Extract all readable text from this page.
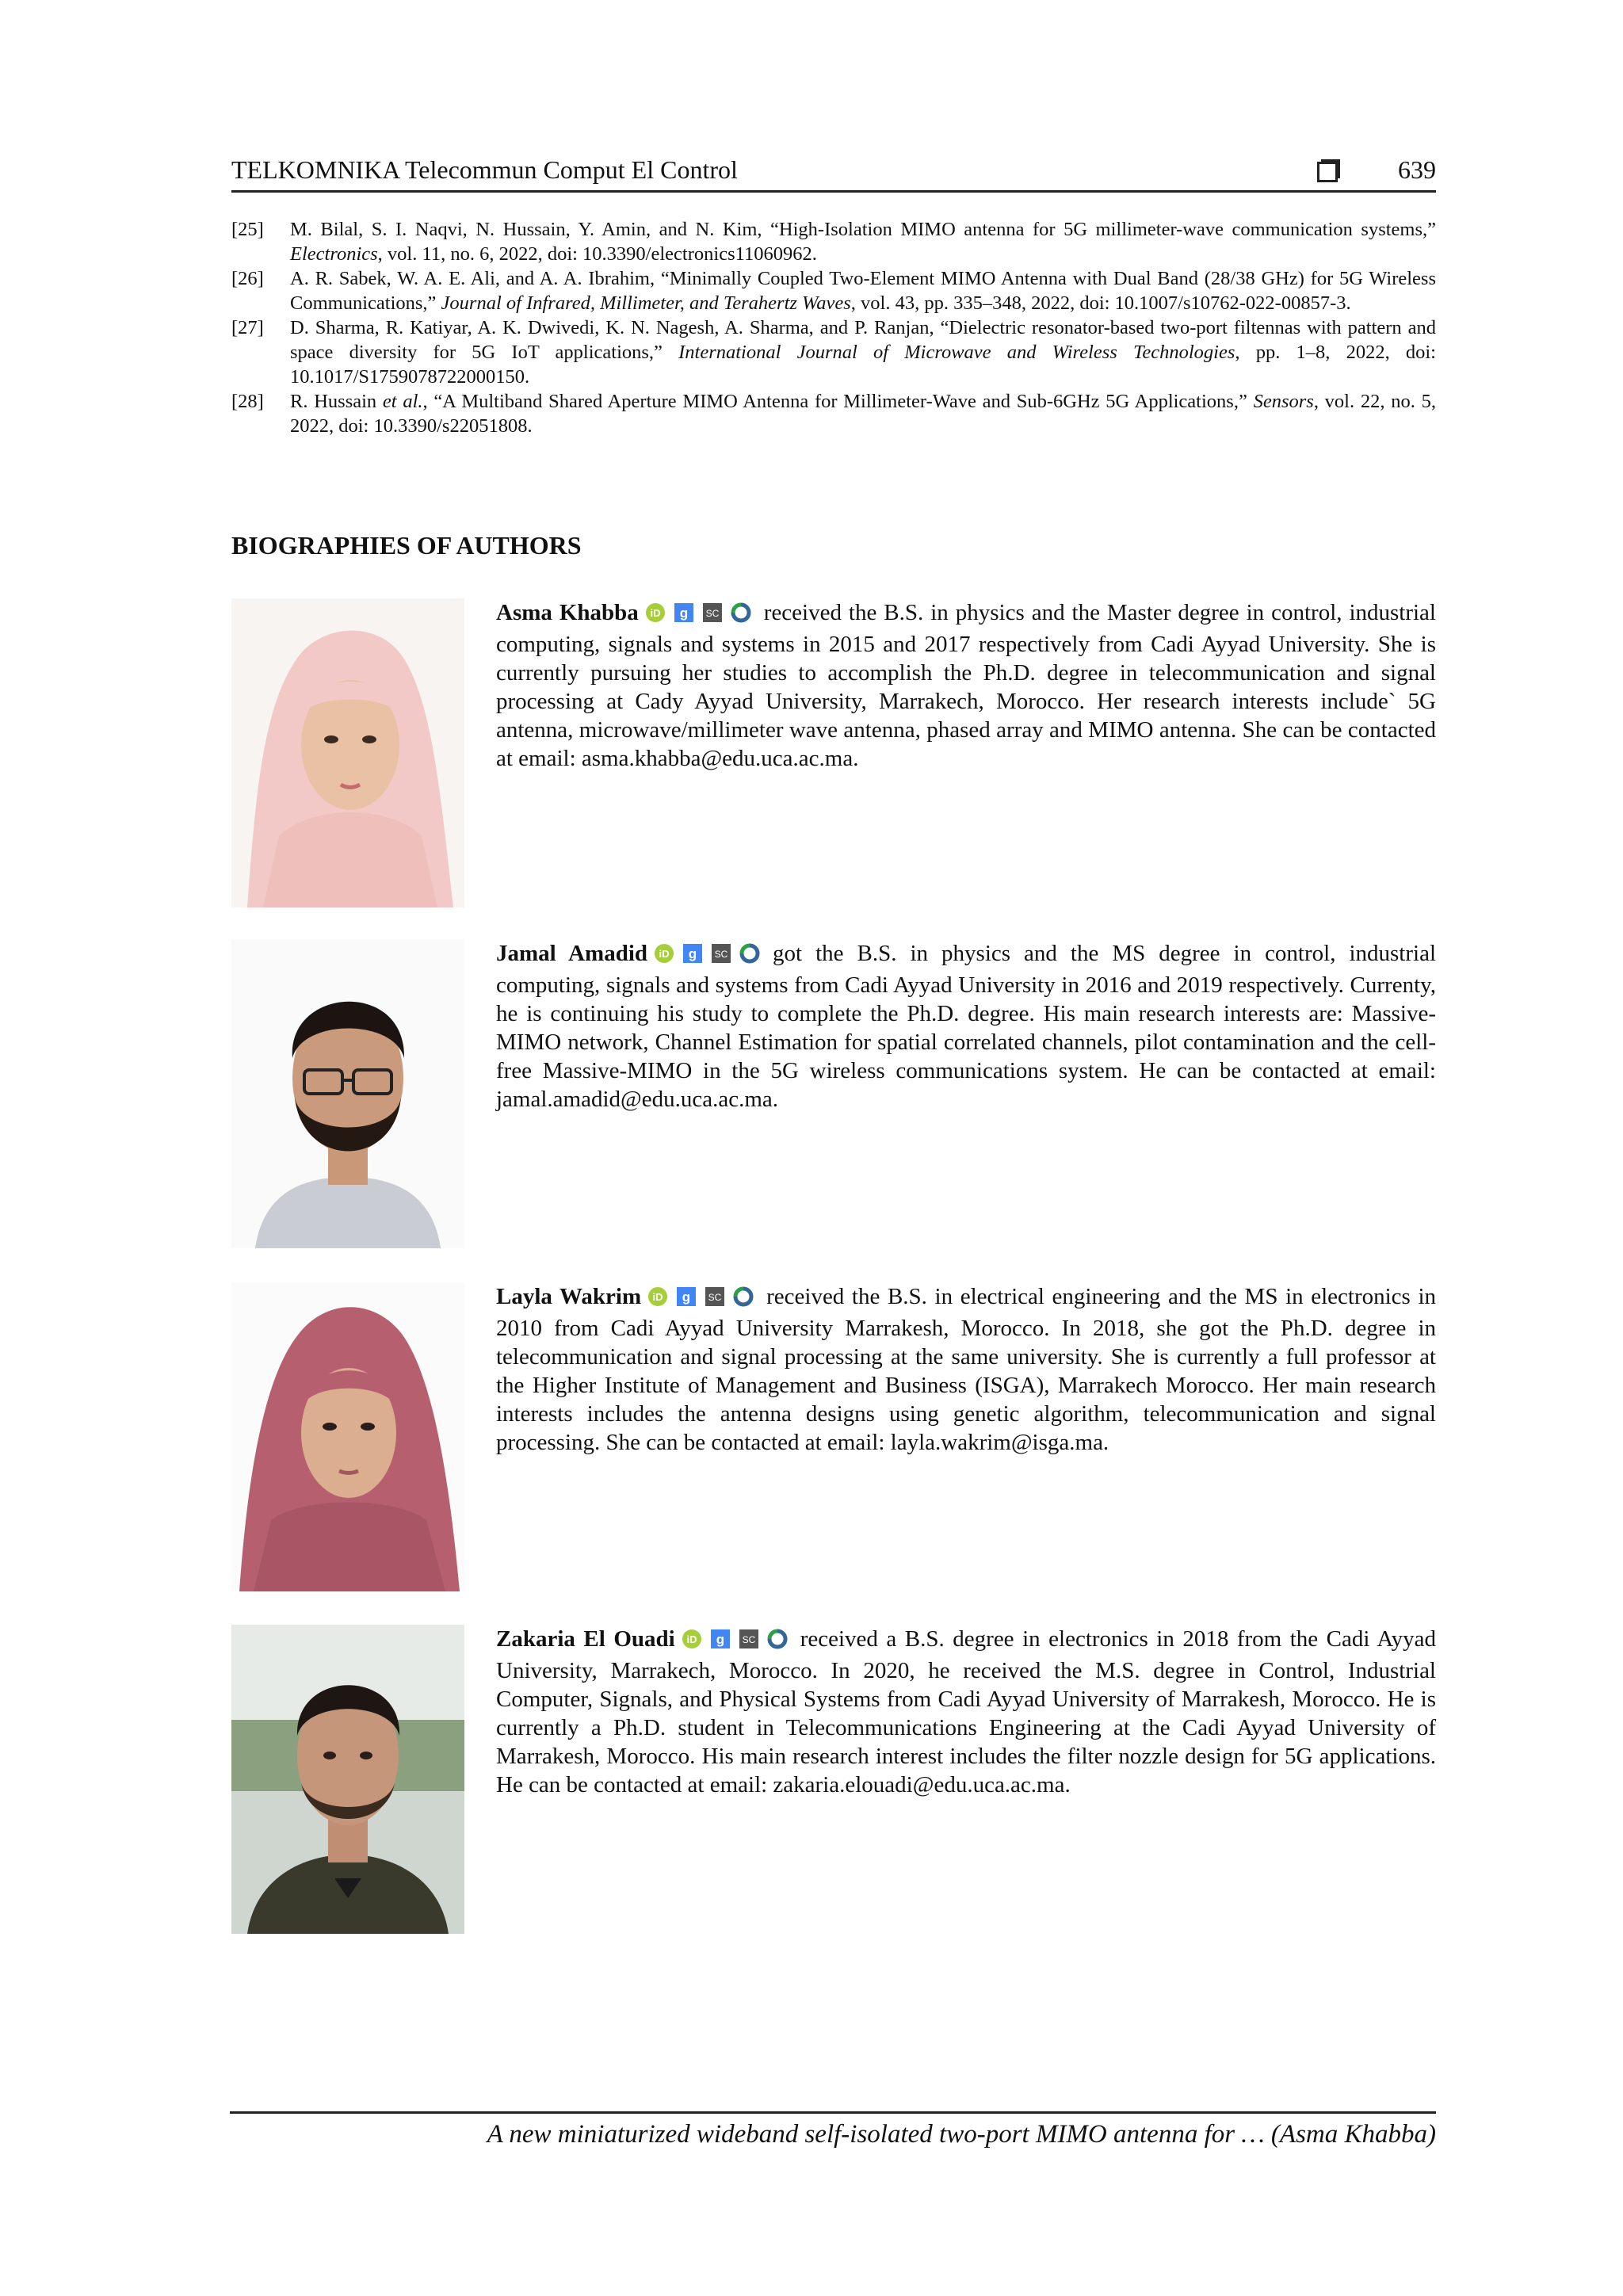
TELKOMNIKA Telecommun Comput El Control	639
[25]	M. Bilal, S. I. Naqvi, N. Hussain, Y. Amin, and N. Kim, “High-Isolation MIMO antenna for 5G millimeter-wave communication systems,” Electronics, vol. 11, no. 6, 2022, doi: 10.3390/electronics11060962.
[26]	A. R. Sabek, W. A. E. Ali, and A. A. Ibrahim, “Minimally Coupled Two-Element MIMO Antenna with Dual Band (28/38 GHz) for 5G Wireless Communications,” Journal of Infrared, Millimeter, and Terahertz Waves, vol. 43, pp. 335–348, 2022, doi: 10.1007/s10762-022-00857-3.
[27]	D. Sharma, R. Katiyar, A. K. Dwivedi, K. N. Nagesh, A. Sharma, and P. Ranjan, “Dielectric resonator-based two-port filtennas with pattern and space diversity for 5G IoT applications,” International Journal of Microwave and Wireless Technologies, pp. 1–8, 2022, doi: 10.1017/S1759078722000150.
[28]	R. Hussain et al., “A Multiband Shared Aperture MIMO Antenna for Millimeter-Wave and Sub-6GHz 5G Applications,” Sensors, vol. 22, no. 5, 2022, doi: 10.3390/s22051808.
BIOGRAPHIES OF AUTHORS
Asma Khabba iD g SC received the B.S. in physics and the Master degree in control, industrial computing, signals and systems in 2015 and 2017 respectively from Cadi Ayyad University. She is currently pursuing her studies to accomplish the Ph.D. degree in telecommunication and signal processing at Cady Ayyad University, Marrakech, Morocco. Her research interests include` 5G antenna, microwave/millimeter wave antenna, phased array and MIMO antenna. She can be contacted at email: asma.khabba@edu.uca.ac.ma.
Jamal Amadid iD g SC got the B.S. in physics and the MS degree in control, industrial computing, signals and systems from Cadi Ayyad University in 2016 and 2019 respectively. Currenty, he is continuing his study to complete the Ph.D. degree. His main research interests are: Massive-MIMO network, Channel Estimation for spatial correlated channels, pilot contamination and the cell-free Massive-MIMO in the 5G wireless communications system. He can be contacted at email: jamal.amadid@edu.uca.ac.ma.
Layla Wakrim iD g SC received the B.S. in electrical engineering and the MS in electronics in 2010 from Cadi Ayyad University Marrakesh, Morocco. In 2018, she got the Ph.D. degree in telecommunication and signal processing at the same university. She is currently a full professor at the Higher Institute of Management and Business (ISGA), Marrakech Morocco. Her main research interests includes the antenna designs using genetic algorithm, telecommunication and signal processing. She can be contacted at email: layla.wakrim@isga.ma.
Zakaria El Ouadi iD g SC received a B.S. degree in electronics in 2018 from the Cadi Ayyad University, Marrakech, Morocco. In 2020, he received the M.S. degree in Control, Industrial Computer, Signals, and Physical Systems from Cadi Ayyad University of Marrakesh, Morocco. He is currently a Ph.D. student in Telecommunications Engineering at the Cadi Ayyad University of Marrakesh, Morocco. His main research interest includes the filter nozzle design for 5G applications. He can be contacted at email: zakaria.elouadi@edu.uca.ac.ma.
A new miniaturized wideband self-isolated two-port MIMO antenna for … (Asma Khabba)
